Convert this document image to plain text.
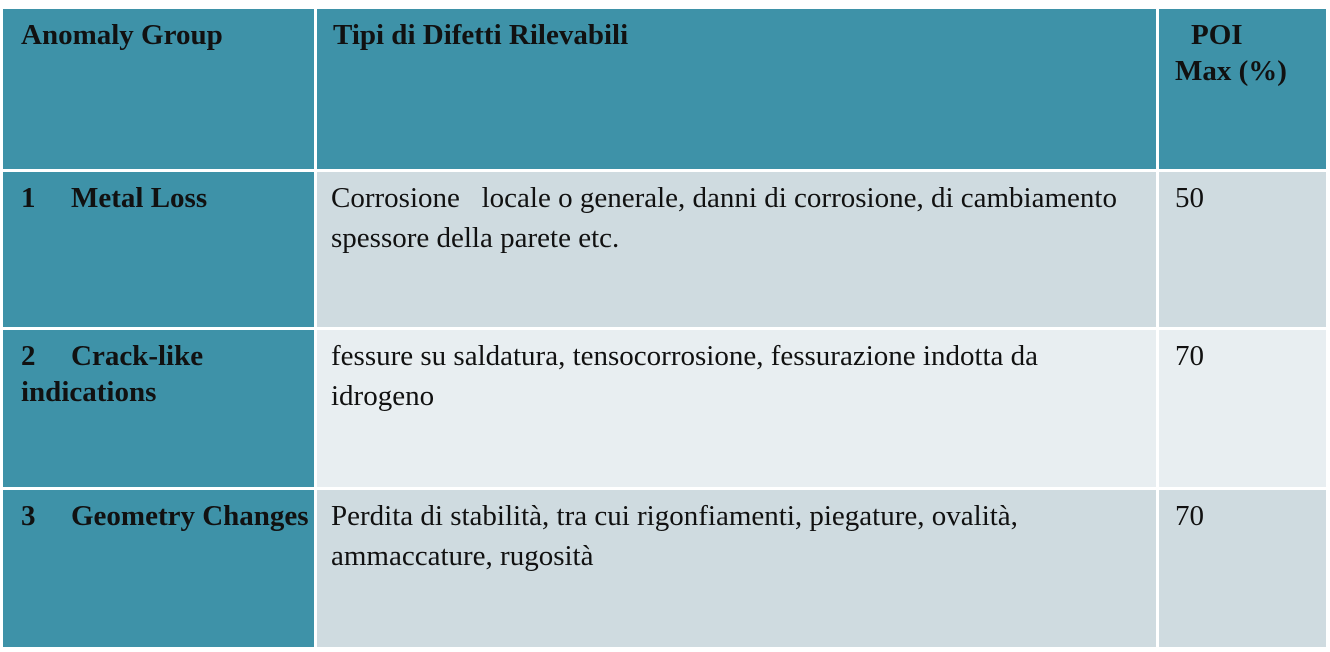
Anomaly Group	Tipi di Difetti Rilevabili	POI
Max (%)

1 Metal Loss	Corrosione   locale o generale, danni di corrosione, di cambiamento spessore della parete etc.	50

2 Crack-like indications	fessure su saldatura, tensocorrosione, fessurazione indotta da idrogeno	70

3 Geometry Changes	Perdita di stabilità, tra cui rigonfiamenti, piegature, ovalità, ammaccature, rugosità	70
